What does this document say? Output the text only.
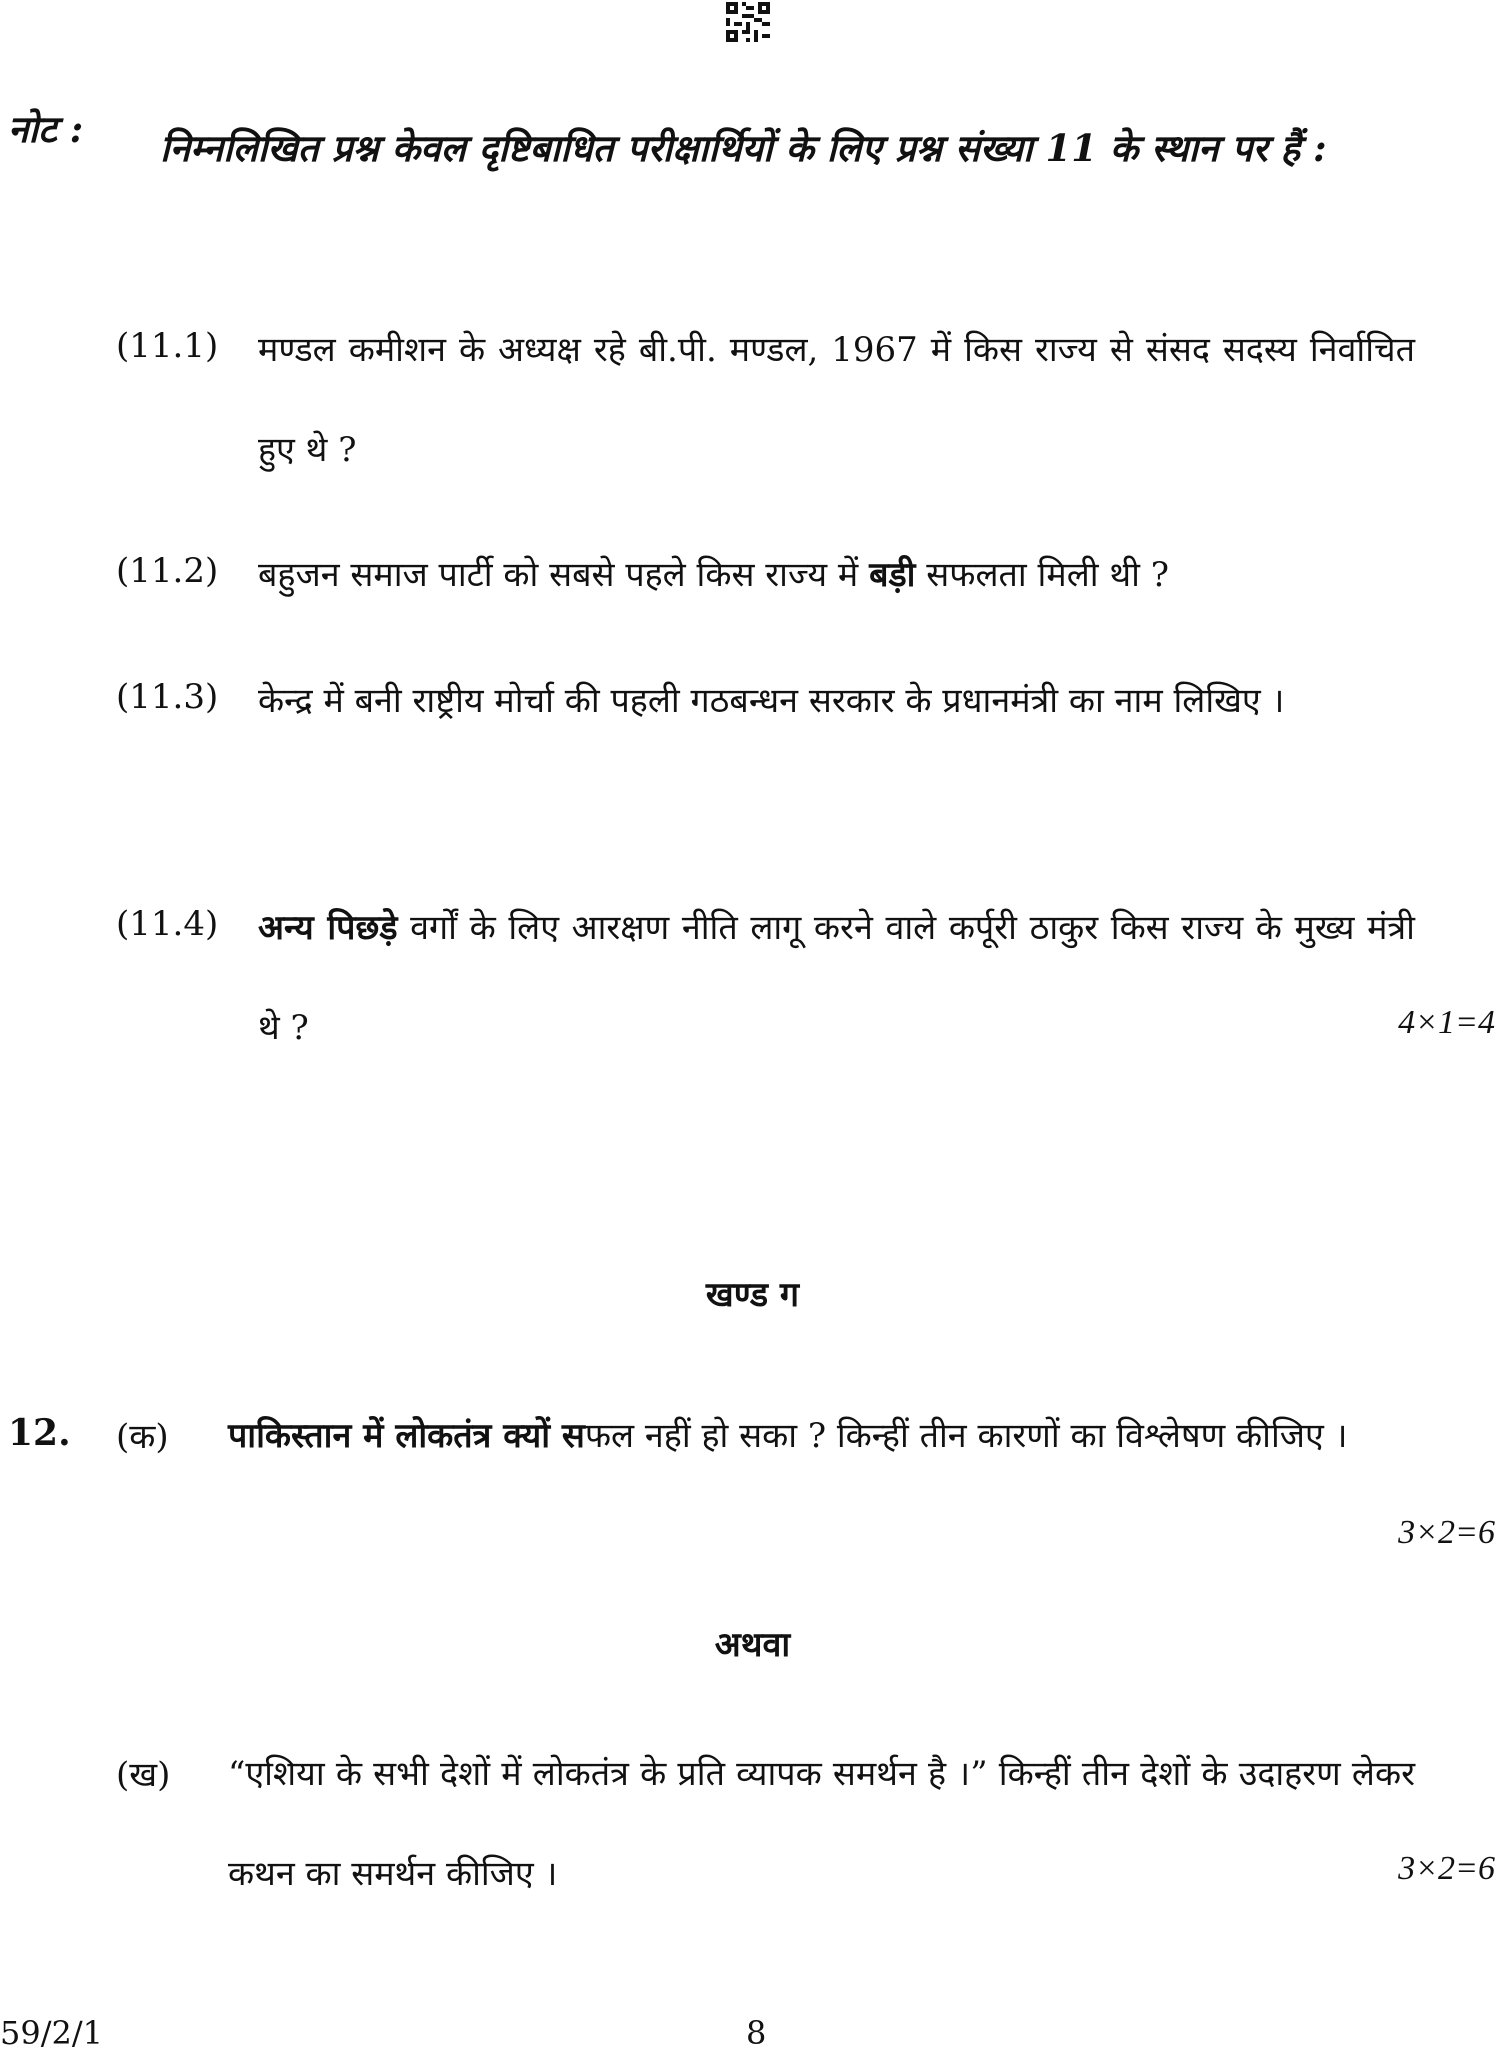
नोट : निम्नलिखित प्रश्न केवल दृष्टिबाधित परीक्षार्थियों के लिए प्रश्न संख्या 11 के स्थान पर हैं :
(11.1) मण्डल कमीशन के अध्यक्ष रहे बी.पी. मण्डल, 1967 में किस राज्य से संसद सदस्य निर्वाचित हुए थे ?
(11.2) बहुजन समाज पार्टी को सबसे पहले किस राज्य में बड़ी सफलता मिली थी ?
(11.3) केन्द्र में बनी राष्ट्रीय मोर्चा की पहली गठबन्धन सरकार के प्रधानमंत्री का नाम लिखिए ।
(11.4) अन्य पिछड़े वर्गों के लिए आरक्षण नीति लागू करने वाले कर्पूरी ठाकुर किस राज्य के मुख्य मंत्री थे ?	4×1=4
खण्ड ग
12. (क) पाकिस्तान में लोकतंत्र क्यों सफल नहीं हो सका ? किन्हीं तीन कारणों का विश्लेषण कीजिए ।
3×2=6
अथवा
(ख) “एशिया के सभी देशों में लोकतंत्र के प्रति व्यापक समर्थन है ।” किन्हीं तीन देशों के उदाहरण लेकर कथन का समर्थन कीजिए ।	3×2=6
59/2/1	8
